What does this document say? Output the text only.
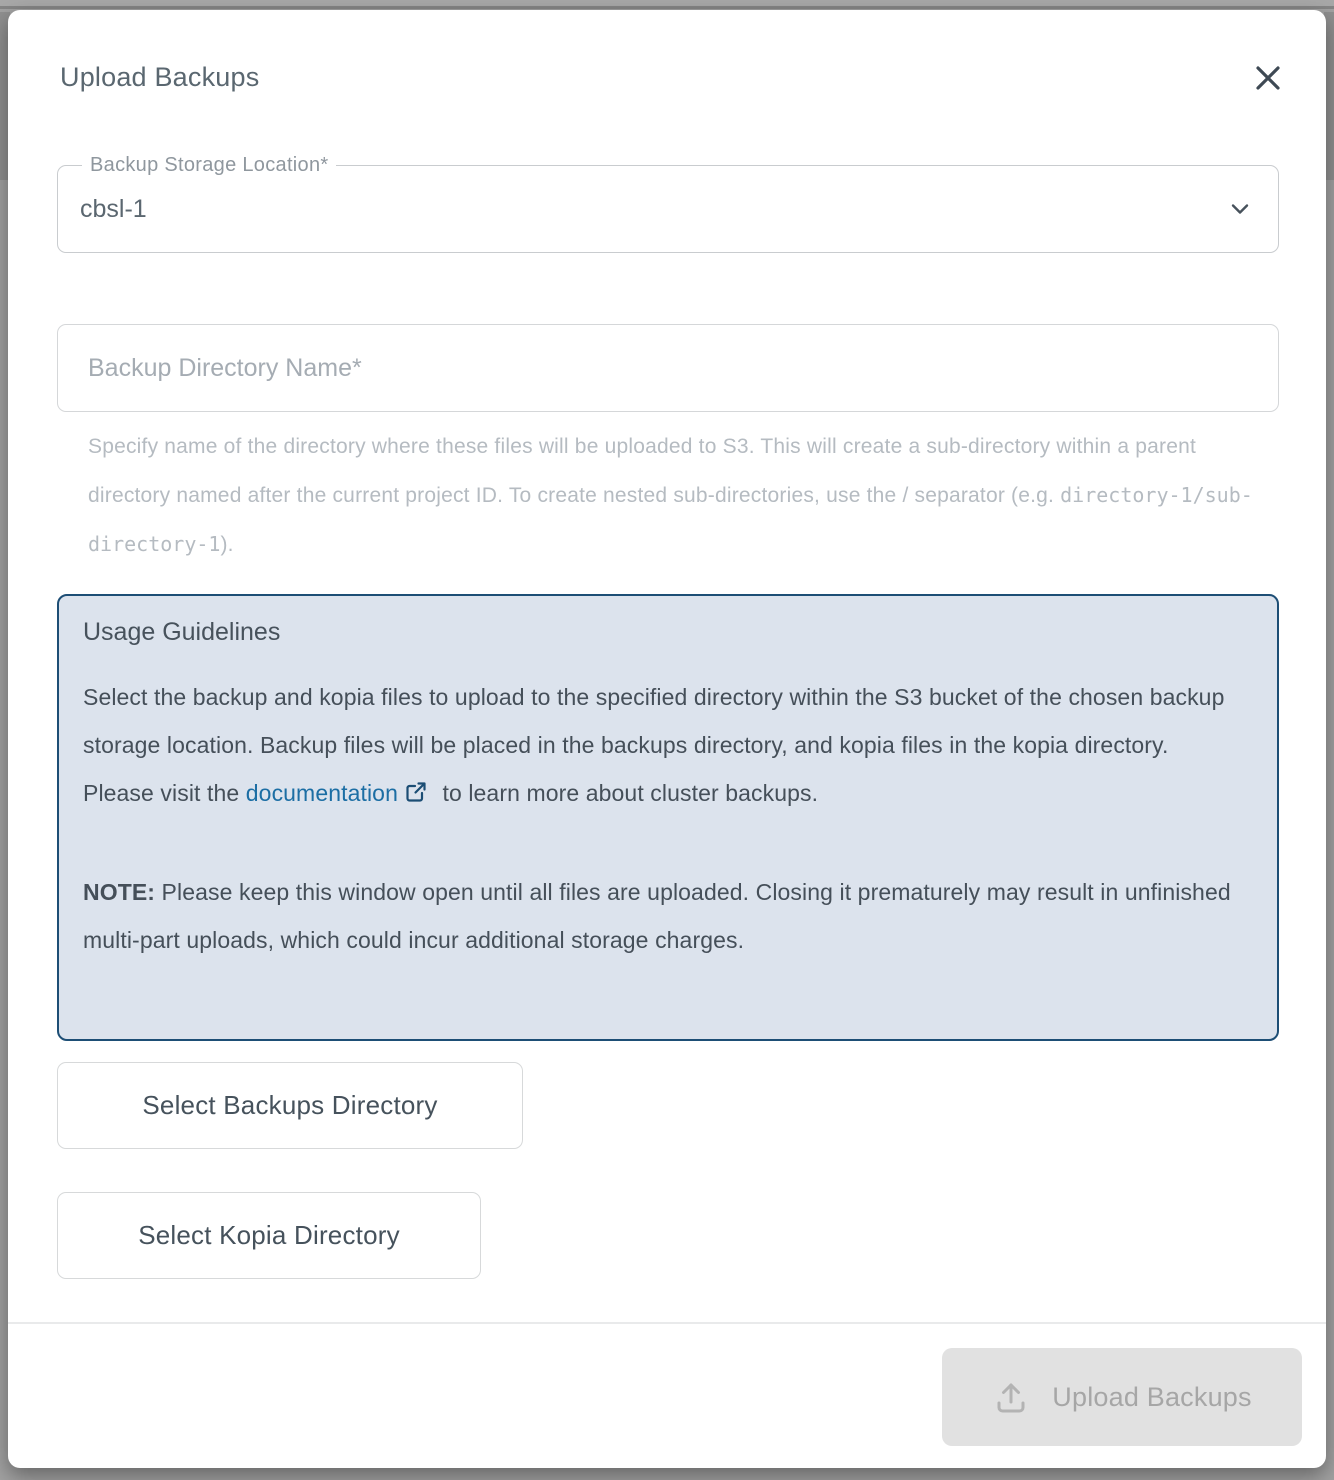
Upload Backups
Backup Storage Location*
cbsl-1
Backup Directory Name*
Specify name of the directory where these files will be uploaded to S3. This will create a sub-directory within a parent directory named after the current project ID. To create nested sub-directories, use the / separator (e.g. directory-1/sub-directory-1).
Usage Guidelines

Select the backup and kopia files to upload to the specified directory within the S3 bucket of the chosen backup storage location. Backup files will be placed in the backups directory, and kopia files in the kopia directory.

Please visit the documentation to learn more about cluster backups.

NOTE: Please keep this window open until all files are uploaded. Closing it prematurely may result in unfinished multi-part uploads, which could incur additional storage charges.

Select Backups Directory
Select Kopia Directory
Upload Backups
